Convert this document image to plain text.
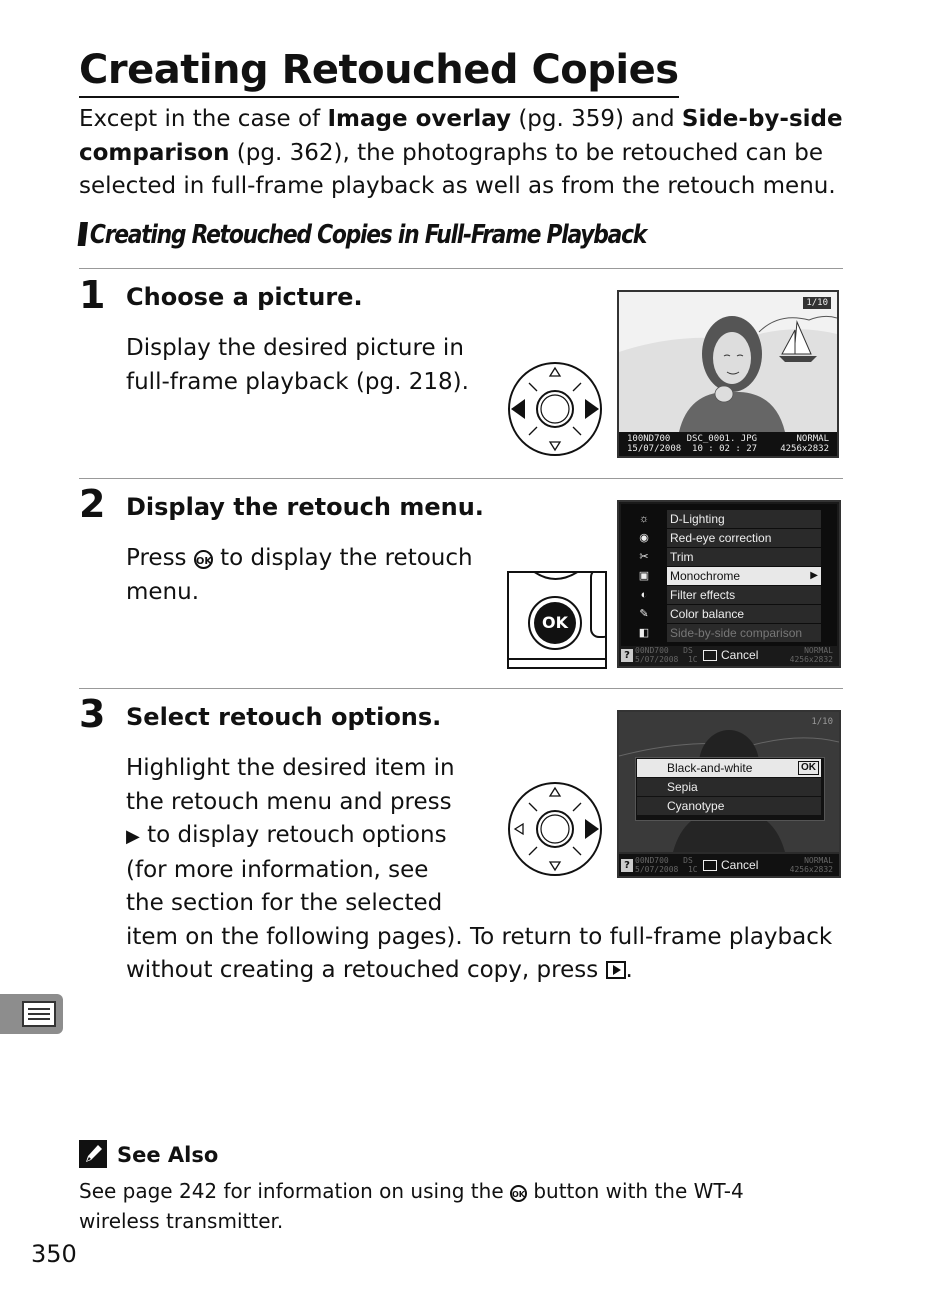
Creating Retouched Copies

Except in the case of Image overlay (pg. 359) and Side-by-side comparison (pg. 362), the photographs to be retouched can be selected in full-frame playback as well as from the retouch menu.

Creating Retouched Copies in Full-Frame Playback
1 Choose a picture.

Display the desired picture in full-frame playback (pg. 218).

1/10
100ND700   DSC_0001. JPG	NORMAL
15/07/2008  10 : 02 : 27	4256x2832
2 Display the retouch menu.

Press OK to display the retouch menu.

OK
☼ D-Lighting
◉ Red-eye correction
✂ Trim
▣ Monochrome	▶
◐	Filter effects
✎ Color balance
◧ Side-by-side comparison
? 00ND700   DS
5/07/2008  1C Cancel	NORMAL
4256x2832
3 Select retouch options.

Highlight the desired item in the retouch menu and press ▶ to display retouch options (for more information, see the section for the selected item on the following pages). To return to full-frame playback without creating a retouched copy, press .

1/10
Black-and-white	OK
Sepia
Cyanotype
? 00ND700   DS
5/07/2008  1C Cancel	NORMAL
4256x2832
See Also

See page 242 for information on using the OK button with the WT-4 wireless transmitter.

350
